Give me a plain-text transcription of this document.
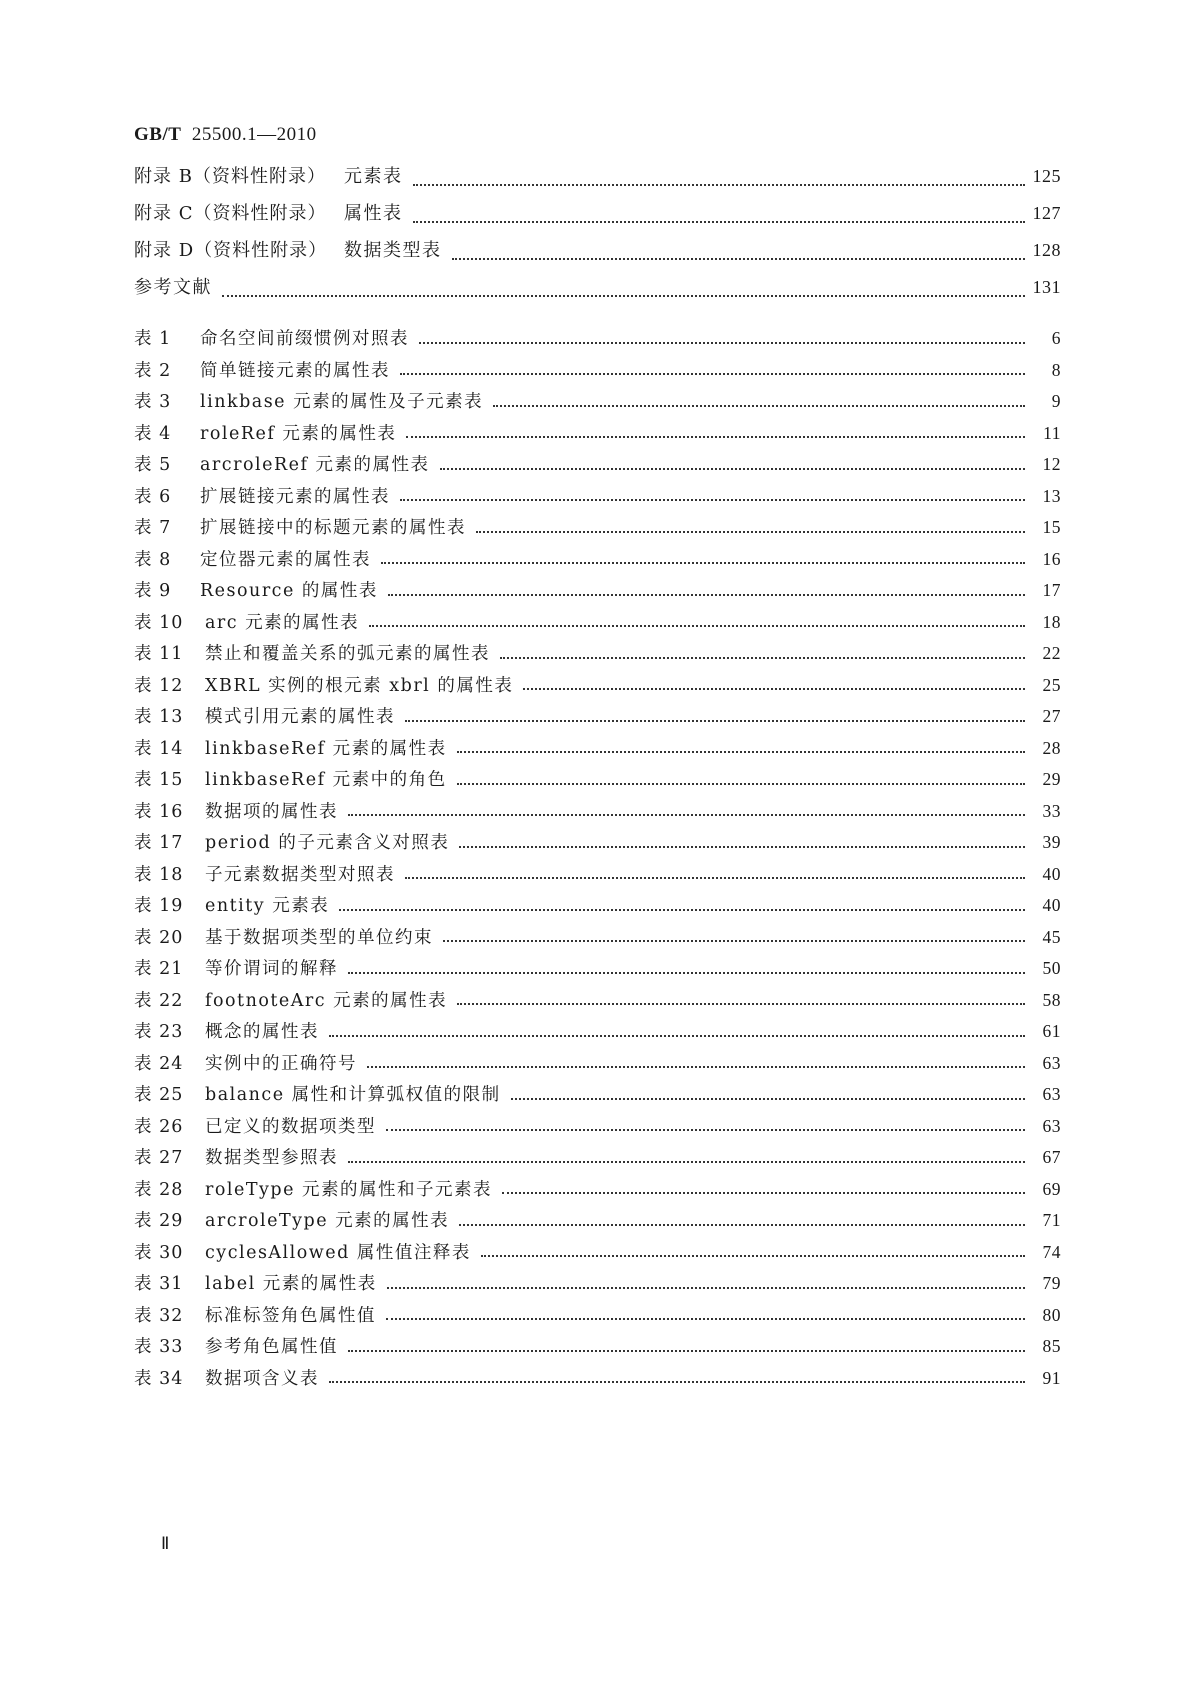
GB/T 25500.1—2010
附录 B（资料性附录）	元素表	125
附录 C（资料性附录） 属性表	127
附录 D（资料性附录） 数据类型表	128
参考文献	131
表 1	命名空间前缀惯例对照表	6
表 2	简单链接元素的属性表	8
表 3	linkbase 元素的属性及子元素表	9
表 4	roleRef 元素的属性表	11
表 5	arcroleRef 元素的属性表	12
表 6	扩展链接元素的属性表	13
表 7	扩展链接中的标题元素的属性表	15
表 8	定位器元素的属性表	16
表 9	Resource 的属性表	17
表 10	arc 元素的属性表	18
表 11	禁止和覆盖关系的弧元素的属性表	22
表 12	XBRL 实例的根元素 xbrl 的属性表	25
表 13	模式引用元素的属性表	27
表 14	linkbaseRef 元素的属性表	28
表 15	linkbaseRef 元素中的角色	29
表 16	数据项的属性表	33
表 17	period 的子元素含义对照表	39
表 18	子元素数据类型对照表	40
表 19	entity 元素表	40
表 20	基于数据项类型的单位约束	45
表 21	等价谓词的解释	50
表 22	footnoteArc 元素的属性表	58
表 23	概念的属性表	61
表 24	实例中的正确符号	63
表 25	balance 属性和计算弧权值的限制	63
表 26	已定义的数据项类型	63
表 27	数据类型参照表	67
表 28	roleType 元素的属性和子元素表	69
表 29	arcroleType 元素的属性表	71
表 30	cyclesAllowed 属性值注释表	74
表 31	label 元素的属性表	79
表 32	标准标签角色属性值	80
表 33	参考角色属性值	85
表 34	数据项含义表	91
Ⅱ
